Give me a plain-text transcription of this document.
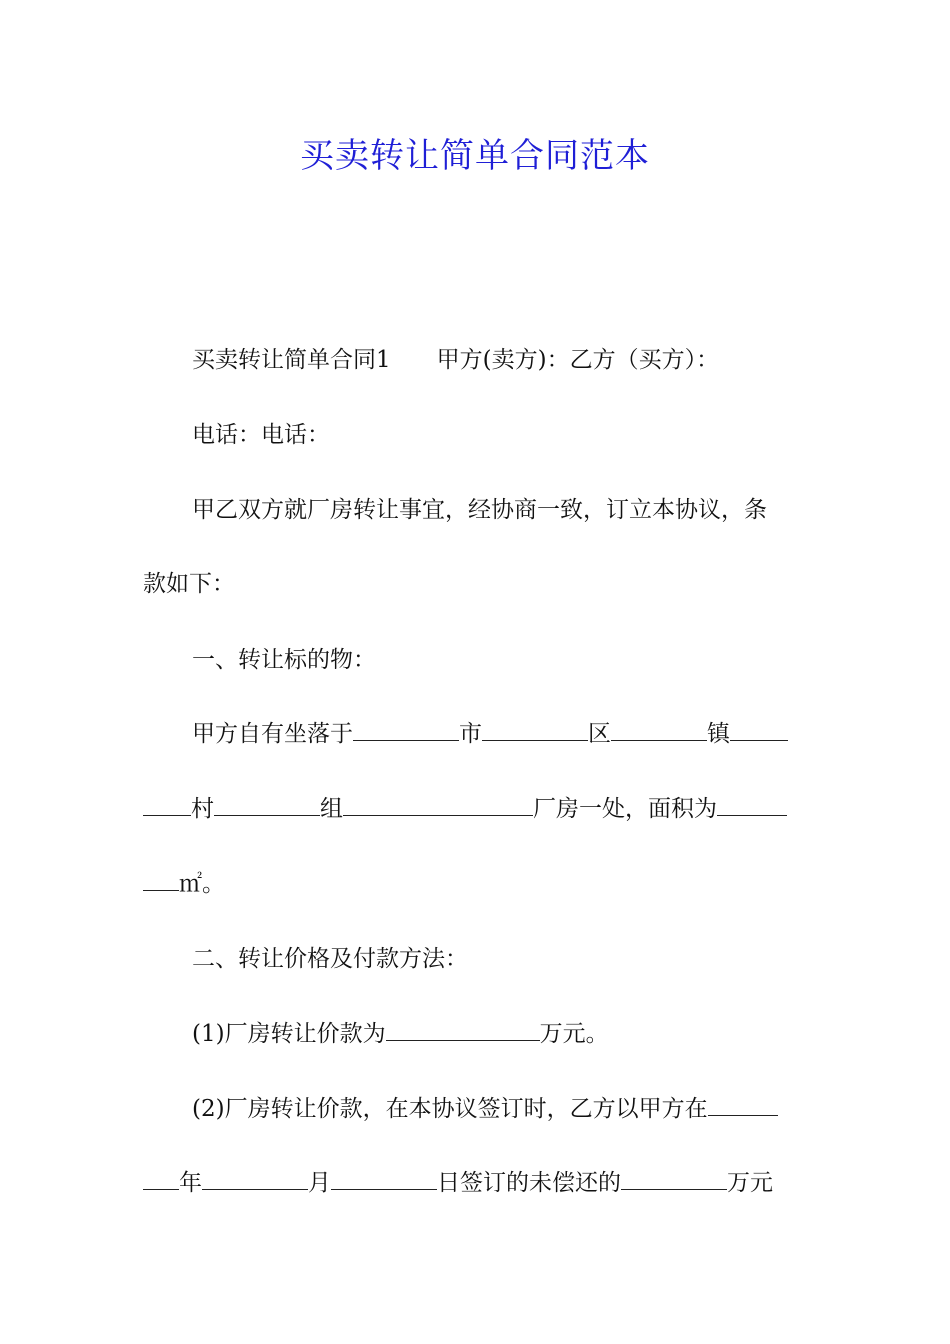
买卖转让简单合同范本
买卖转让简单合同1 甲方(卖方)：乙方（买方）：
电话：电话：
甲乙双方就厂房转让事宜，经协商一致，订立本协议，条
款如下：
一、转让标的物：
甲方自有坐落于	市	区	镇
村	组	厂房一处，面积为
㎡。
二、转让价格及付款方法：
(1)厂房转让价款为	万元。
(2)厂房转让价款，在本协议签订时，乙方以甲方在
年	月	日签订的未偿还的	万元
